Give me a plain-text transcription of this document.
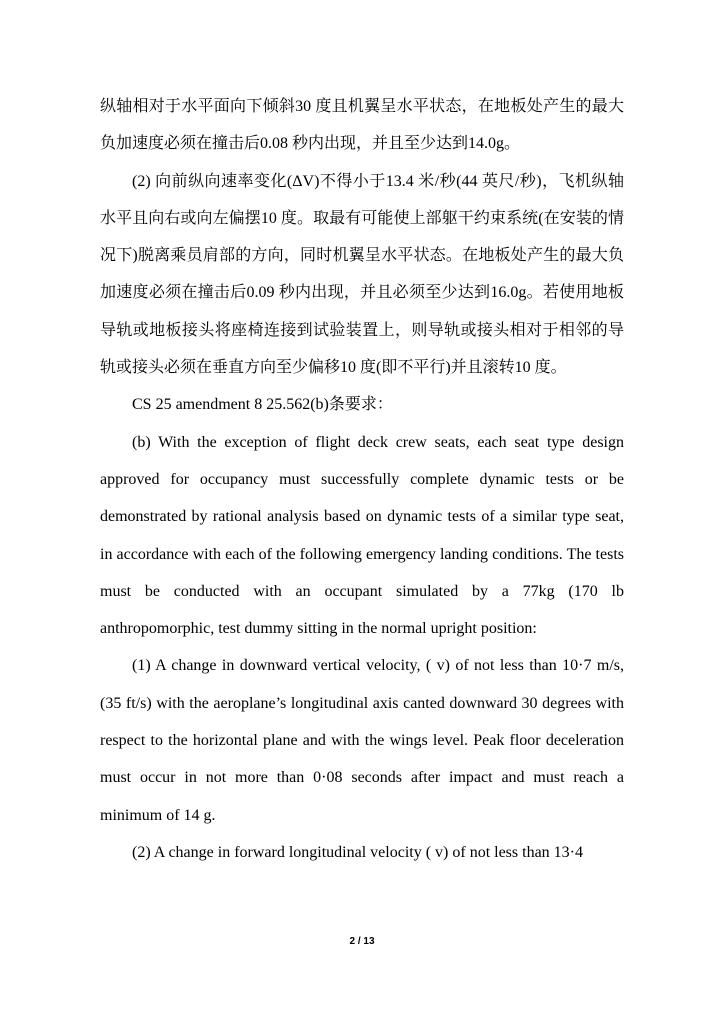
纵轴相对于水平面向下倾斜30 度且机翼呈水平状态，在地板处产生的最大负加速度必须在撞击后0.08 秒内出现，并且至少达到14.0g。

(2) 向前纵向速率变化(ΔV)不得小于13.4 米/秒(44 英尺/秒)，飞机纵轴水平且向右或向左偏摆10 度。取最有可能使上部躯干约束系统(在安装的情况下)脱离乘员肩部的方向，同时机翼呈水平状态。在地板处产生的最大负加速度必须在撞击后0.09 秒内出现，并且必须至少达到16.0g。若使用地板导轨或地板接头将座椅连接到试验装置上，则导轨或接头相对于相邻的导轨或接头必须在垂直方向至少偏移10 度(即不平行)并且滚转10 度。

CS 25 amendment 8 25.562(b)条要求：

(b) With the exception of flight deck crew seats, each seat type design approved for occupancy must successfully complete dynamic tests or be demonstrated by rational analysis based on dynamic tests of a similar type seat, in accordance with each of the following emergency landing conditions. The tests must be conducted with an occupant simulated by a 77kg (170 lb anthropomorphic, test dummy sitting in the normal upright position:

(1) A change in downward vertical velocity, ( v) of not less than 10·7 m/s, (35 ft/s) with the aeroplane’s longitudinal axis canted downward 30 degrees with respect to the horizontal plane and with the wings level. Peak floor deceleration must occur in not more than 0·08 seconds after impact and must reach a minimum of 14 g.

(2) A change in forward longitudinal velocity ( v) of not less than 13·4

2 / 13
